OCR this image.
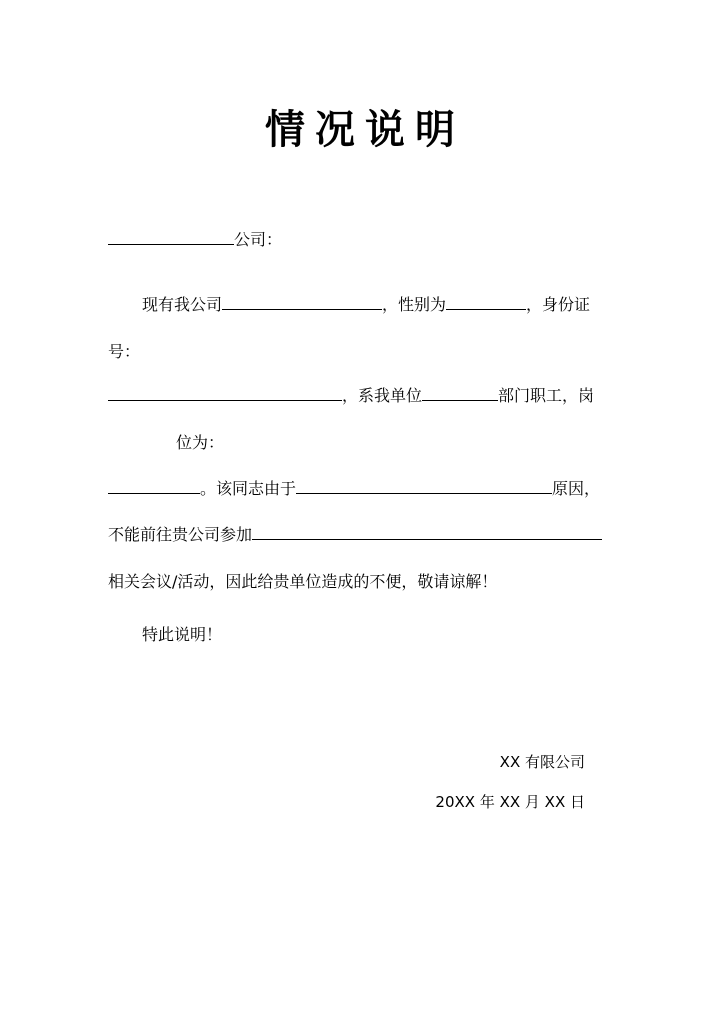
情况说明
公司：
现有我公司	，性别为	，身份证
号：
，系我单位	部门职工，岗
位为：
。该同志由于	原因，
不能前往贵公司参加
相关会议/活动，因此给贵单位造成的不便，敬请谅解！
特此说明！
XX 有限公司
20XX 年 XX 月 XX 日
